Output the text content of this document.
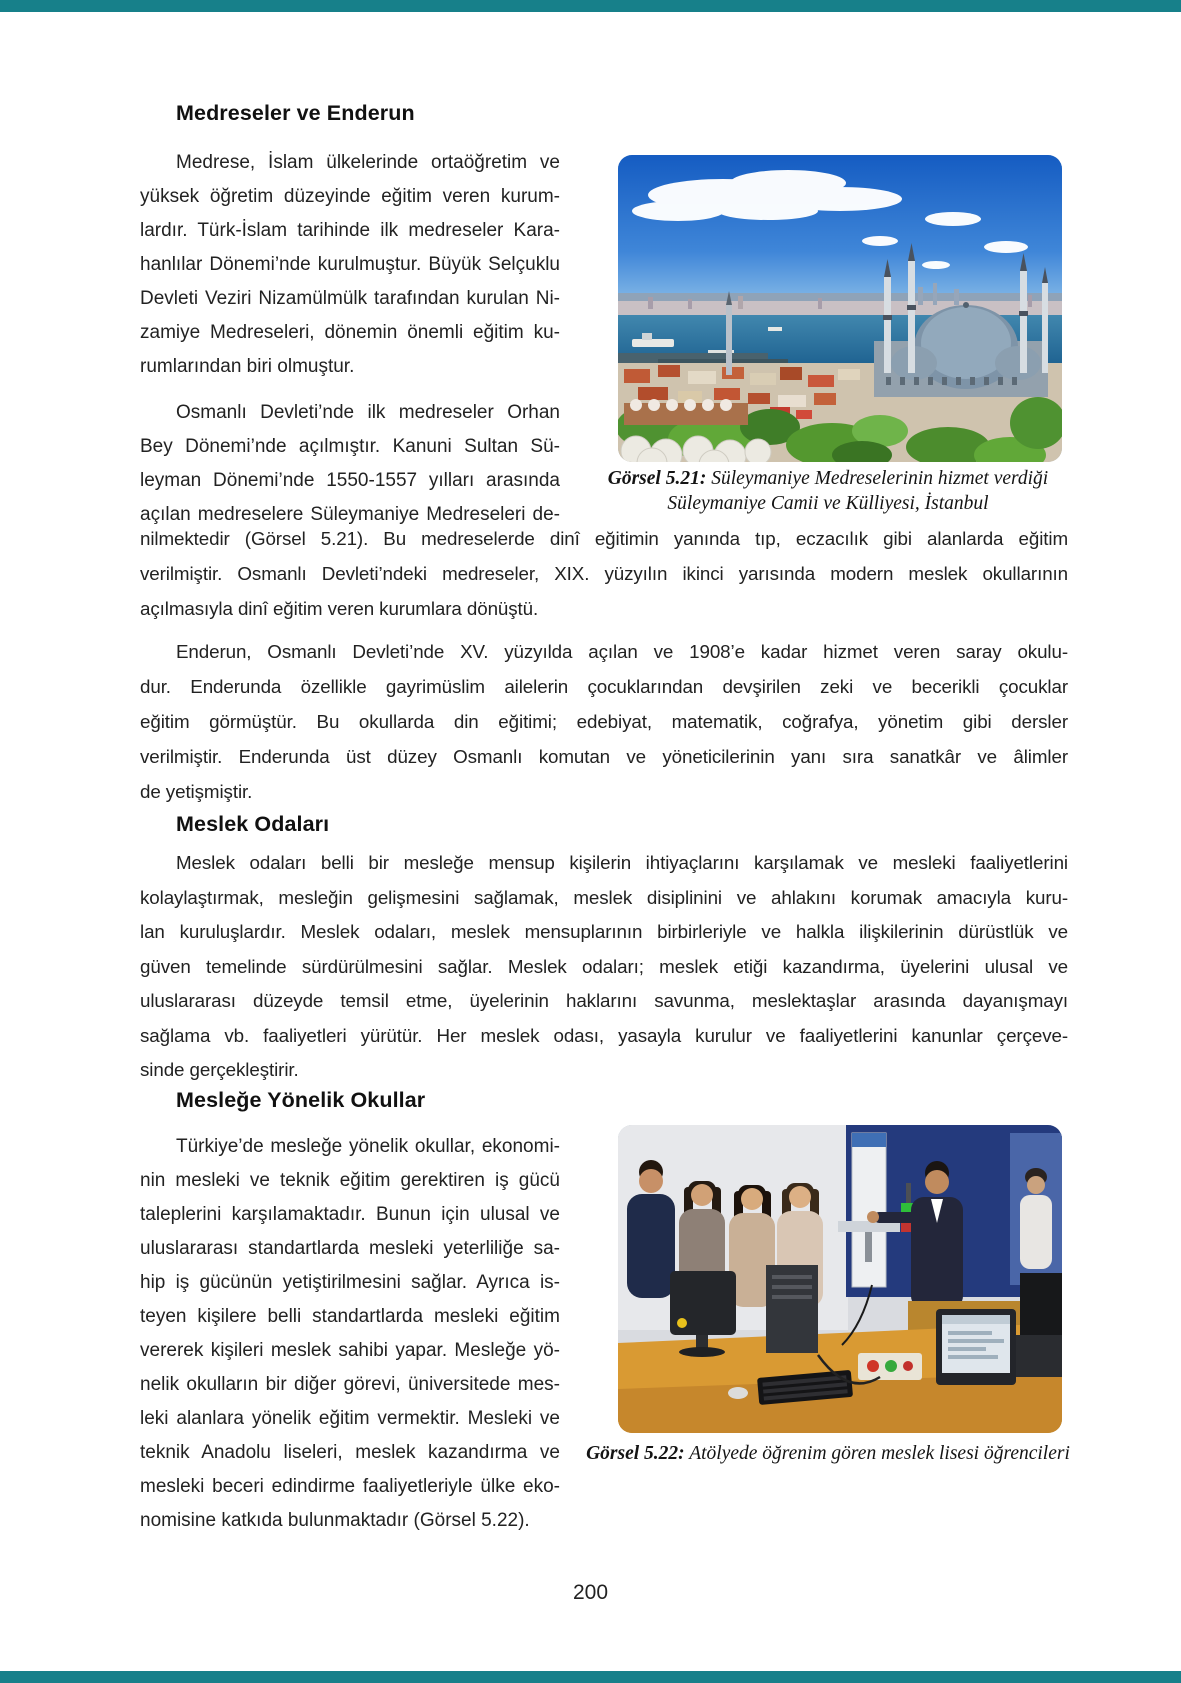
Medreseler ve Enderun
Medrese, İslam ülkelerinde ortaöğretim ve
yüksek öğretim düzeyinde eğitim veren kurum-
lardır. Türk-İslam tarihinde ilk medreseler Kara-
hanlılar Dönemi’nde kurulmuştur. Büyük Selçuklu
Devleti Veziri Nizamülmülk tarafından kurulan Ni-
zamiye Medreseleri, dönemin önemli eğitim ku-
rumlarından biri olmuştur.
Osmanlı Devleti’nde ilk medreseler Orhan
Bey Dönemi’nde açılmıştır. Kanuni Sultan Sü-
leyman Dönemi’nde 1550-1557 yılları arasında
açılan medreselere Süleymaniye Medreseleri de-
Görsel 5.21: Süleymaniye Medreselerinin hizmet verdiği Süleymaniye Camii ve Külliyesi, İstanbul
nilmektedir (Görsel 5.21). Bu medreselerde dinî eğitimin yanında tıp, eczacılık gibi alanlarda eğitim
verilmiştir. Osmanlı Devleti’ndeki medreseler, XIX. yüzyılın ikinci yarısında modern meslek okullarının
açılmasıyla dinî eğitim veren kurumlara dönüştü.
Enderun, Osmanlı Devleti’nde XV. yüzyılda açılan ve 1908’e kadar hizmet veren saray okulu-
dur. Enderunda özellikle gayrimüslim ailelerin çocuklarından devşirilen zeki ve becerikli çocuklar
eğitim görmüştür. Bu okullarda din eğitimi; edebiyat, matematik, coğrafya, yönetim gibi dersler
verilmiştir. Enderunda üst düzey Osmanlı komutan ve yöneticilerinin yanı sıra sanatkâr ve âlimler
de yetişmiştir.
Meslek Odaları
Meslek odaları belli bir mesleğe mensup kişilerin ihtiyaçlarını karşılamak ve mesleki faaliyetlerini
kolaylaştırmak, mesleğin gelişmesini sağlamak, meslek disiplinini ve ahlakını korumak amacıyla kuru-
lan kuruluşlardır. Meslek odaları, meslek mensuplarının birbirleriyle ve halkla ilişkilerinin dürüstlük ve
güven temelinde sürdürülmesini sağlar. Meslek odaları; meslek etiği kazandırma, üyelerini ulusal ve
uluslararası düzeyde temsil etme, üyelerinin haklarını savunma, meslektaşlar arasında dayanışmayı
sağlama vb. faaliyetleri yürütür. Her meslek odası, yasayla kurulur ve faaliyetlerini kanunlar çerçeve-
sinde gerçekleştirir.
Mesleğe Yönelik Okullar
Türkiye’de mesleğe yönelik okullar, ekonomi-
nin mesleki ve teknik eğitim gerektiren iş gücü
taleplerini karşılamaktadır. Bunun için ulusal ve
uluslararası standartlarda mesleki yeterliliğe sa-
hip iş gücünün yetiştirilmesini sağlar. Ayrıca is-
teyen kişilere belli standartlarda mesleki eğitim
vererek kişileri meslek sahibi yapar. Mesleğe yö-
nelik okulların bir diğer görevi, üniversitede mes-
leki alanlara yönelik eğitim vermektir. Mesleki ve
teknik Anadolu liseleri, meslek kazandırma ve
mesleki beceri edindirme faaliyetleriyle ülke eko-
nomisine katkıda bulunmaktadır (Görsel 5.22).
Görsel 5.22: Atölyede öğrenim gören meslek lisesi öğrencileri
200
